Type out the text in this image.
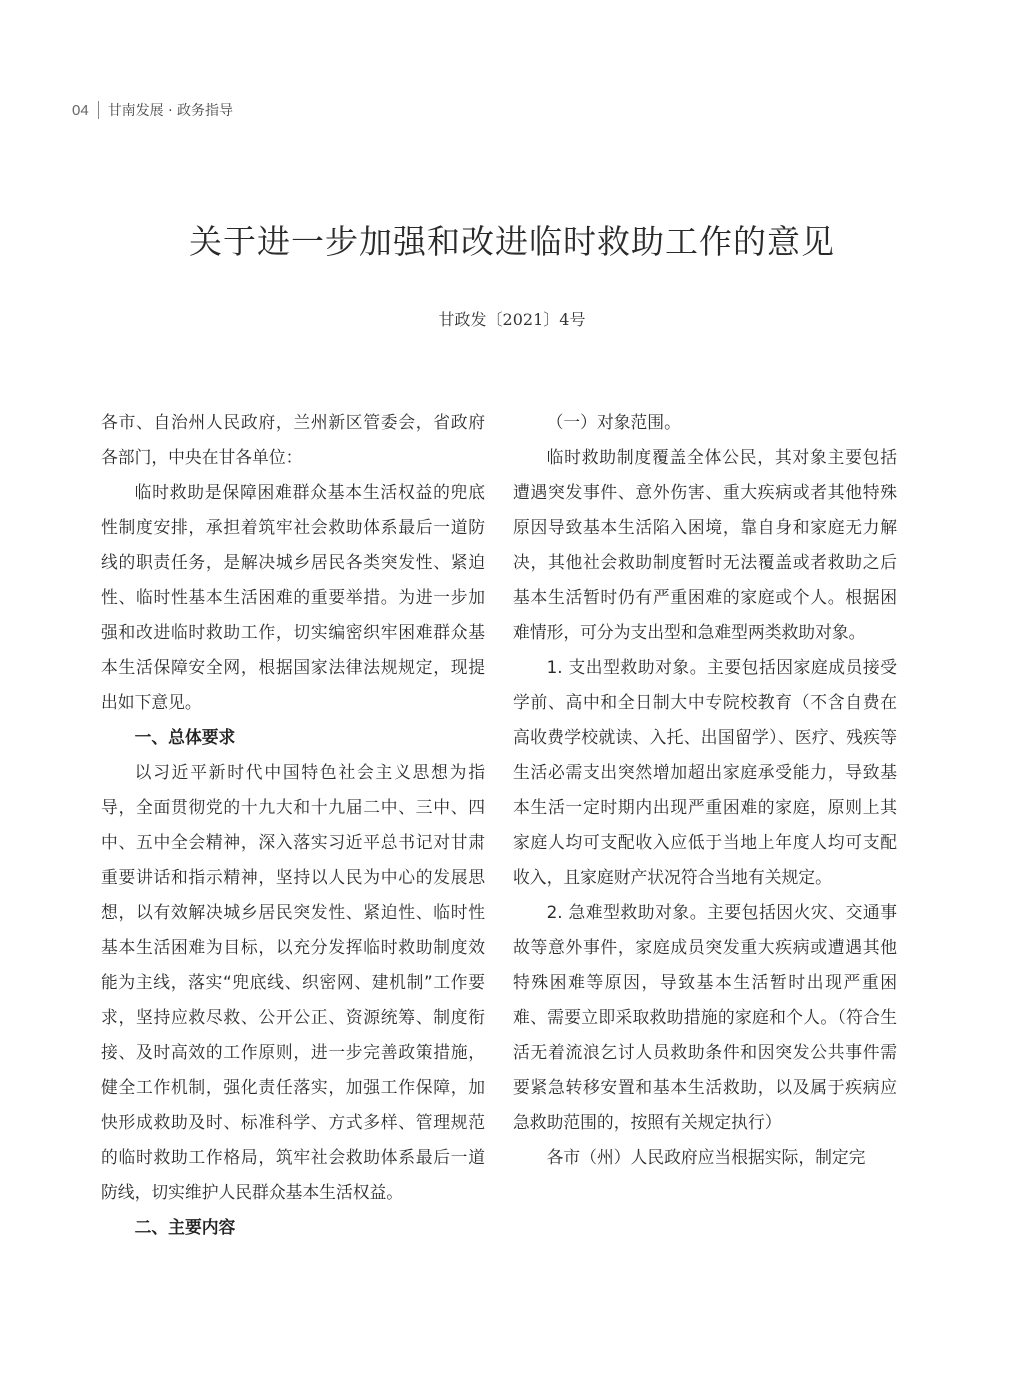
04 甘南发展 · 政务指导
关于进一步加强和改进临时救助工作的意见
甘政发〔2021〕4号

各市、自治州人民政府，兰州新区管委会，省政府各部门，中央在甘各单位：

临时救助是保障困难群众基本生活权益的兜底性制度安排，承担着筑牢社会救助体系最后一道防线的职责任务，是解决城乡居民各类突发性、紧迫性、临时性基本生活困难的重要举措。为进一步加强和改进临时救助工作，切实编密织牢困难群众基本生活保障安全网，根据国家法律法规规定，现提出如下意见。

一、总体要求

以习近平新时代中国特色社会主义思想为指导，全面贯彻党的十九大和十九届二中、三中、四中、五中全会精神，深入落实习近平总书记对甘肃重要讲话和指示精神，坚持以人民为中心的发展思想，以有效解决城乡居民突发性、紧迫性、临时性基本生活困难为目标，以充分发挥临时救助制度效能为主线，落实“兜底线、织密网、建机制”工作要求，坚持应救尽救、公开公正、资源统筹、制度衔接、及时高效的工作原则，进一步完善政策措施，健全工作机制，强化责任落实，加强工作保障，加快形成救助及时、标准科学、方式多样、管理规范的临时救助工作格局，筑牢社会救助体系最后一道防线，切实维护人民群众基本生活权益。

二、主要内容

（一）对象范围。

临时救助制度覆盖全体公民，其对象主要包括遭遇突发事件、意外伤害、重大疾病或者其他特殊原因导致基本生活陷入困境，靠自身和家庭无力解决，其他社会救助制度暂时无法覆盖或者救助之后基本生活暂时仍有严重困难的家庭或个人。根据困难情形，可分为支出型和急难型两类救助对象。

1. 支出型救助对象。主要包括因家庭成员接受学前、高中和全日制大中专院校教育（不含自费在高收费学校就读、入托、出国留学）、医疗、残疾等生活必需支出突然增加超出家庭承受能力，导致基本生活一定时期内出现严重困难的家庭，原则上其家庭人均可支配收入应低于当地上年度人均可支配收入，且家庭财产状况符合当地有关规定。

2. 急难型救助对象。主要包括因火灾、交通事故等意外事件，家庭成员突发重大疾病或遭遇其他特殊困难等原因，导致基本生活暂时出现严重困难、需要立即采取救助措施的家庭和个人。（符合生活无着流浪乞讨人员救助条件和因突发公共事件需要紧急转移安置和基本生活救助，以及属于疾病应急救助范围的，按照有关规定执行）

各市（州）人民政府应当根据实际，制定完
